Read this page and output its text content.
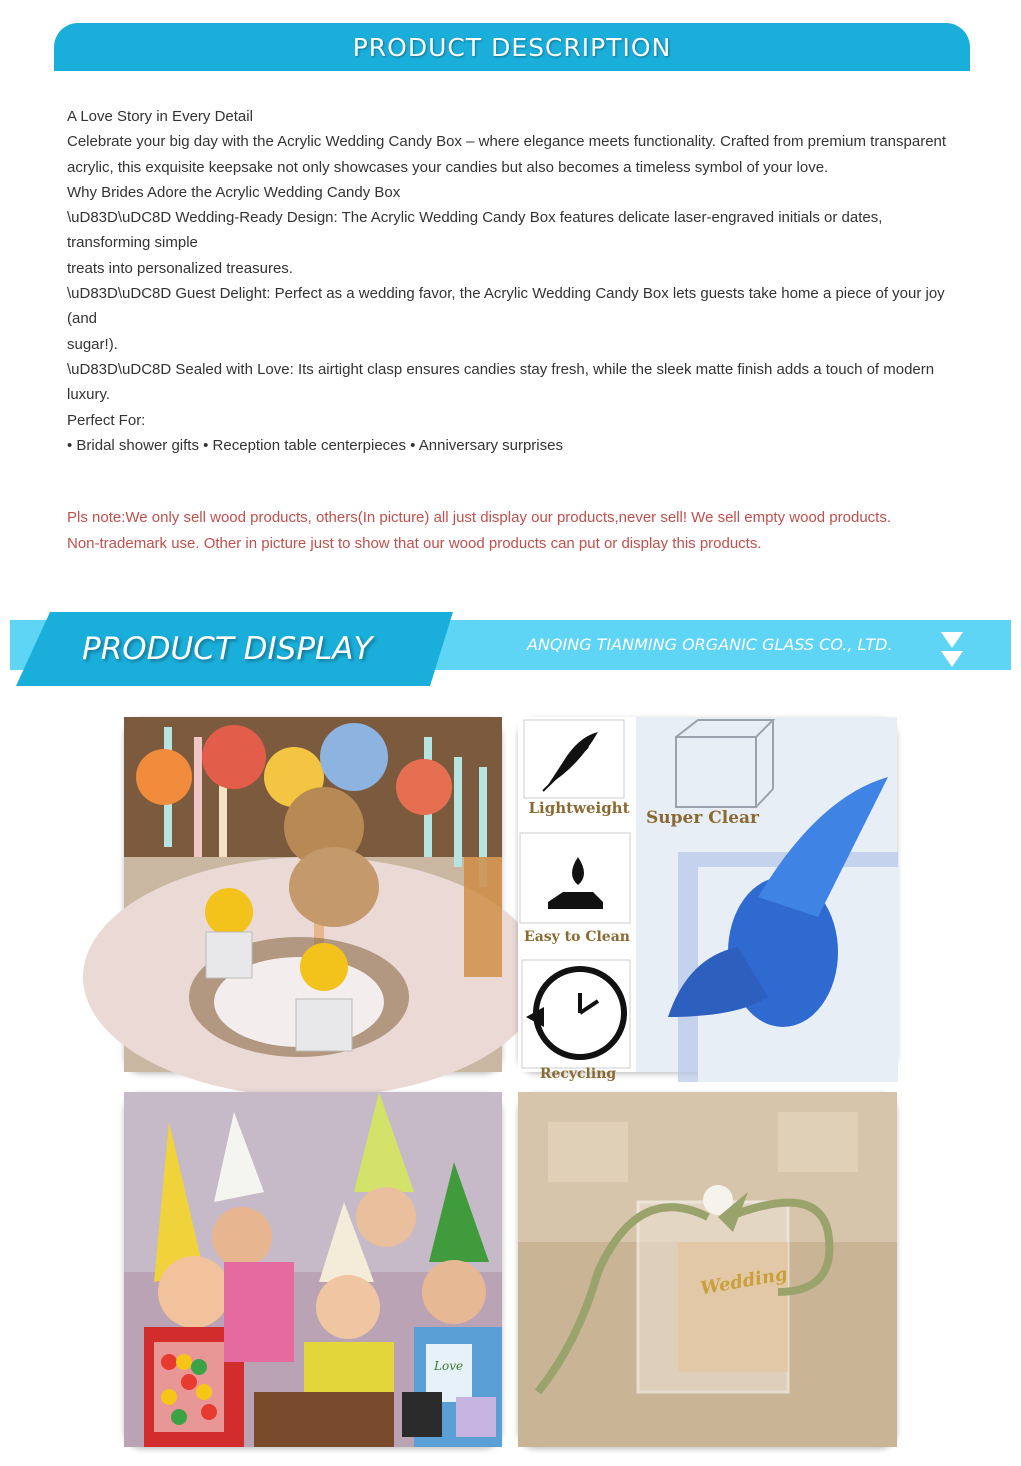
PRODUCT DESCRIPTION

A Love Story in Every Detail

Celebrate your big day with the Acrylic Wedding Candy Box – where elegance meets functionality. Crafted from premium transparent

acrylic, this exquisite keepsake not only showcases your candies but also becomes a timeless symbol of your love.

Why Brides Adore the Acrylic Wedding Candy Box

\uD83D\uDC8D Wedding-Ready Design: The Acrylic Wedding Candy Box features delicate laser-engraved initials or dates, transforming simple

treats into personalized treasures.

\uD83D\uDC8D Guest Delight: Perfect as a wedding favor, the Acrylic Wedding Candy Box lets guests take home a piece of your joy (and

sugar!).

\uD83D\uDC8D Sealed with Love: Its airtight clasp ensures candies stay fresh, while the sleek matte finish adds a touch of modern luxury.

Perfect For:

• Bridal shower gifts • Reception table centerpieces • Anniversary surprises

Pls note:We only sell wood products, others(In picture) all just display our products,never sell! We sell empty wood products.

Non-trademark use. Other in picture just to show that our wood products can put or display this products.

PRODUCT DISPLAY	ANQING TIANMING ORGANIC GLASS CO., LTD.
Lightweight
Easy to Clean
Recycling
Super Clear
Love
Wedding
